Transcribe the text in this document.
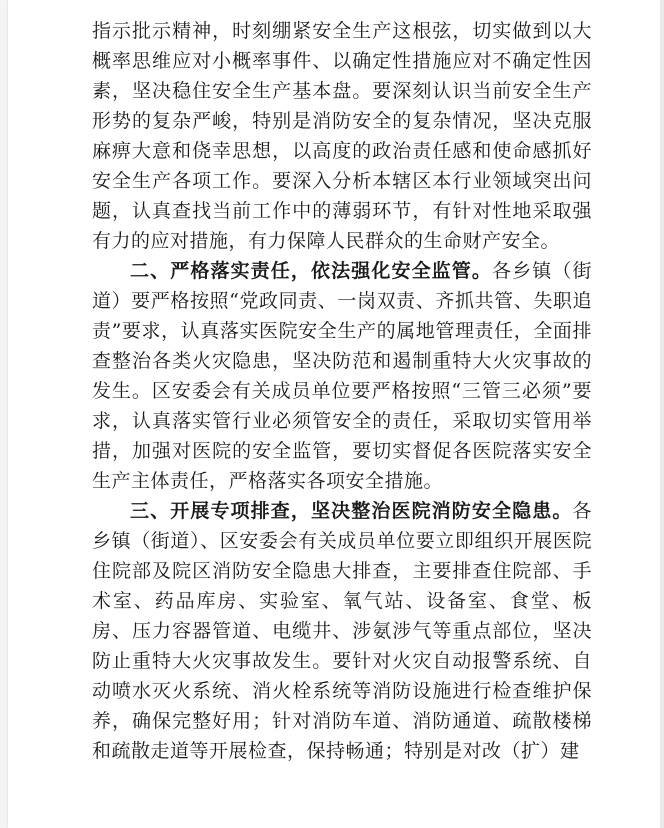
指示批示精神，时刻绷紧安全生产这根弦，切实做到以大概率思维应对小概率事件、以确定性措施应对不确定性因素，坚决稳住安全生产基本盘。要深刻认识当前安全生产形势的复杂严峻，特别是消防安全的复杂情况，坚决克服麻痹大意和侥幸思想，以高度的政治责任感和使命感抓好安全生产各项工作。要深入分析本辖区本行业领域突出问题，认真查找当前工作中的薄弱环节，有针对性地采取强有力的应对措施，有力保障人民群众的生命财产安全。

二、严格落实责任，依法强化安全监管。各乡镇（街道）要严格按照“党政同责、一岗双责、齐抓共管、失职追责”要求，认真落实医院安全生产的属地管理责任，全面排查整治各类火灾隐患，坚决防范和遏制重特大火灾事故的发生。区安委会有关成员单位要严格按照“三管三必须”要求，认真落实管行业必须管安全的责任，采取切实管用举措，加强对医院的安全监管，要切实督促各医院落实安全生产主体责任，严格落实各项安全措施。

三、开展专项排查，坚决整治医院消防安全隐患。各乡镇（街道）、区安委会有关成员单位要立即组织开展医院住院部及院区消防安全隐患大排查，主要排查住院部、手术室、药品库房、实验室、氧气站、设备室、食堂、板房、压力容器管道、电缆井、涉氨涉气等重点部位，坚决防止重特大火灾事故发生。要针对火灾自动报警系统、自动喷水灭火系统、消火栓系统等消防设施进行检查维护保养，确保完整好用；针对消防车道、消防通道、疏散楼梯和疏散走道等开展检查，保持畅通；特别是对改（扩）建
